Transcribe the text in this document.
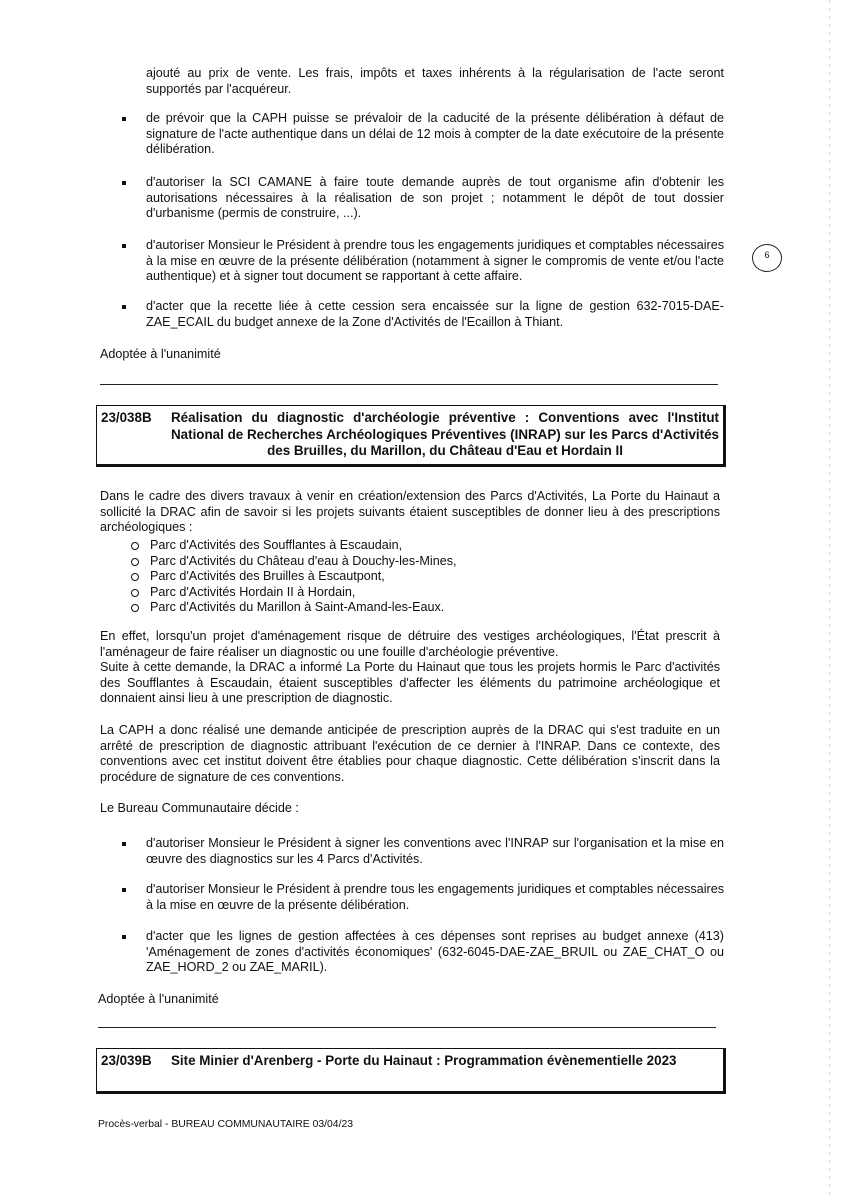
ajouté au prix de vente. Les frais, impôts et taxes inhérents à la régularisation de l'acte seront supportés par l'acquéreur.
de prévoir que la CAPH puisse se prévaloir de la caducité de la présente délibération à défaut de signature de l'acte authentique dans un délai de 12 mois à compter de la date exécutoire de la présente délibération.
d'autoriser la SCI CAMANE à faire toute demande auprès de tout organisme afin d'obtenir les autorisations nécessaires à la réalisation de son projet ; notamment le dépôt de tout dossier d'urbanisme (permis de construire, ...).
d'autoriser Monsieur le Président à prendre tous les engagements juridiques et comptables nécessaires à la mise en œuvre de la présente délibération (notamment à signer le compromis de vente et/ou l'acte authentique) et à signer tout document se rapportant à cette affaire.
d'acter que la recette liée à cette cession sera encaissée sur la ligne de gestion 632-7015-DAE-ZAE_ECAIL du budget annexe de la Zone d'Activités de l'Ecaillon à Thiant.
Adoptée à l'unanimité
6
23/038B Réalisation du diagnostic d'archéologie préventive : Conventions avec l'Institut National de Recherches Archéologiques Préventives (INRAP) sur les Parcs d'Activités des Bruilles, du Marillon, du Château d'Eau et Hordain II
Dans le cadre des divers travaux à venir en création/extension des Parcs d'Activités, La Porte du Hainaut a sollicité la DRAC afin de savoir si les projets suivants étaient susceptibles de donner lieu à des prescriptions archéologiques :
Parc d'Activités des Soufflantes à Escaudain,
Parc d'Activités du Château d'eau à Douchy-les-Mines,
Parc d'Activités des Bruilles à Escautpont,
Parc d'Activités Hordain II à Hordain,
Parc d'Activités du Marillon à Saint-Amand-les-Eaux.

En effet, lorsqu'un projet d'aménagement risque de détruire des vestiges archéologiques, l'État prescrit à l'aménageur de faire réaliser un diagnostic ou une fouille d'archéologie préventive.

Suite à cette demande, la DRAC a informé La Porte du Hainaut que tous les projets hormis le Parc d'activités des Soufflantes à Escaudain, étaient susceptibles d'affecter les éléments du patrimoine archéologique et donnaient ainsi lieu à une prescription de diagnostic.

La CAPH a donc réalisé une demande anticipée de prescription auprès de la DRAC qui s'est traduite en un arrêté de prescription de diagnostic attribuant l'exécution de ce dernier à l'INRAP. Dans ce contexte, des conventions avec cet institut doivent être établies pour chaque diagnostic. Cette délibération s'inscrit dans la procédure de signature de ces conventions.
Le Bureau Communautaire décide :
d'autoriser Monsieur le Président à signer les conventions avec l'INRAP sur l'organisation et la mise en œuvre des diagnostics sur les 4 Parcs d'Activités.
d'autoriser Monsieur le Président à prendre tous les engagements juridiques et comptables nécessaires à la mise en œuvre de la présente délibération.
d'acter que les lignes de gestion affectées à ces dépenses sont reprises au budget annexe (413) 'Aménagement de zones d'activités économiques' (632-6045-DAE-ZAE_BRUIL ou ZAE_CHAT_O ou ZAE_HORD_2 ou ZAE_MARIL).
Adoptée à l'unanimité
23/039B Site Minier d'Arenberg - Porte du Hainaut : Programmation évènementielle 2023
Procès-verbal - BUREAU COMMUNAUTAIRE 03/04/23
